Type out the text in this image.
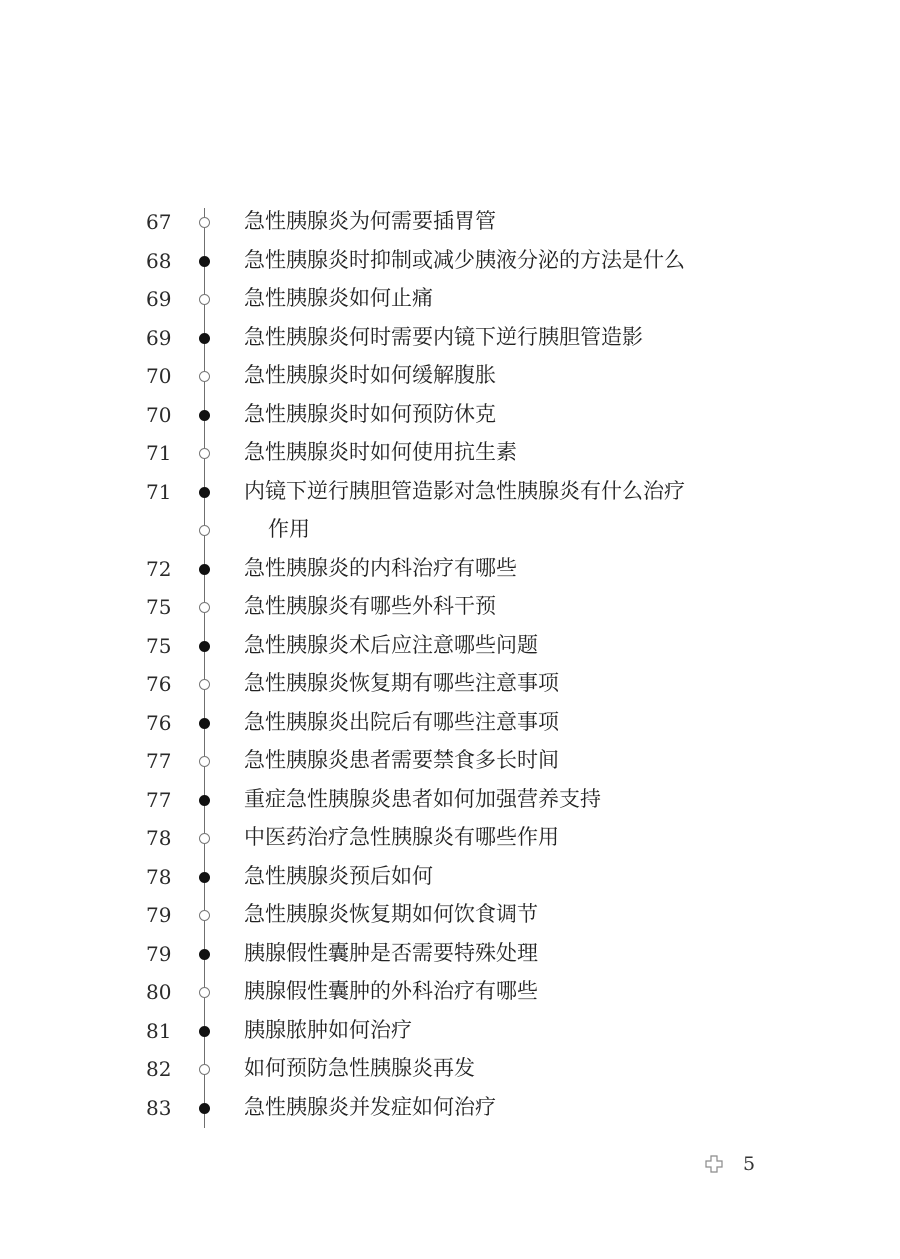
67	急性胰腺炎为何需要插胃管
68	急性胰腺炎时抑制或减少胰液分泌的方法是什么
69	急性胰腺炎如何止痛
69	急性胰腺炎何时需要内镜下逆行胰胆管造影
70	急性胰腺炎时如何缓解腹胀
70	急性胰腺炎时如何预防休克
71	急性胰腺炎时如何使用抗生素
71	内镜下逆行胰胆管造影对急性胰腺炎有什么治疗
作用
72	急性胰腺炎的内科治疗有哪些
75	急性胰腺炎有哪些外科干预
75	急性胰腺炎术后应注意哪些问题
76	急性胰腺炎恢复期有哪些注意事项
76	急性胰腺炎出院后有哪些注意事项
77	急性胰腺炎患者需要禁食多长时间
77	重症急性胰腺炎患者如何加强营养支持
78	中医药治疗急性胰腺炎有哪些作用
78	急性胰腺炎预后如何
79	急性胰腺炎恢复期如何饮食调节
79	胰腺假性囊肿是否需要特殊处理
80	胰腺假性囊肿的外科治疗有哪些
81	胰腺脓肿如何治疗
82	如何预防急性胰腺炎再发
83	急性胰腺炎并发症如何治疗
5
